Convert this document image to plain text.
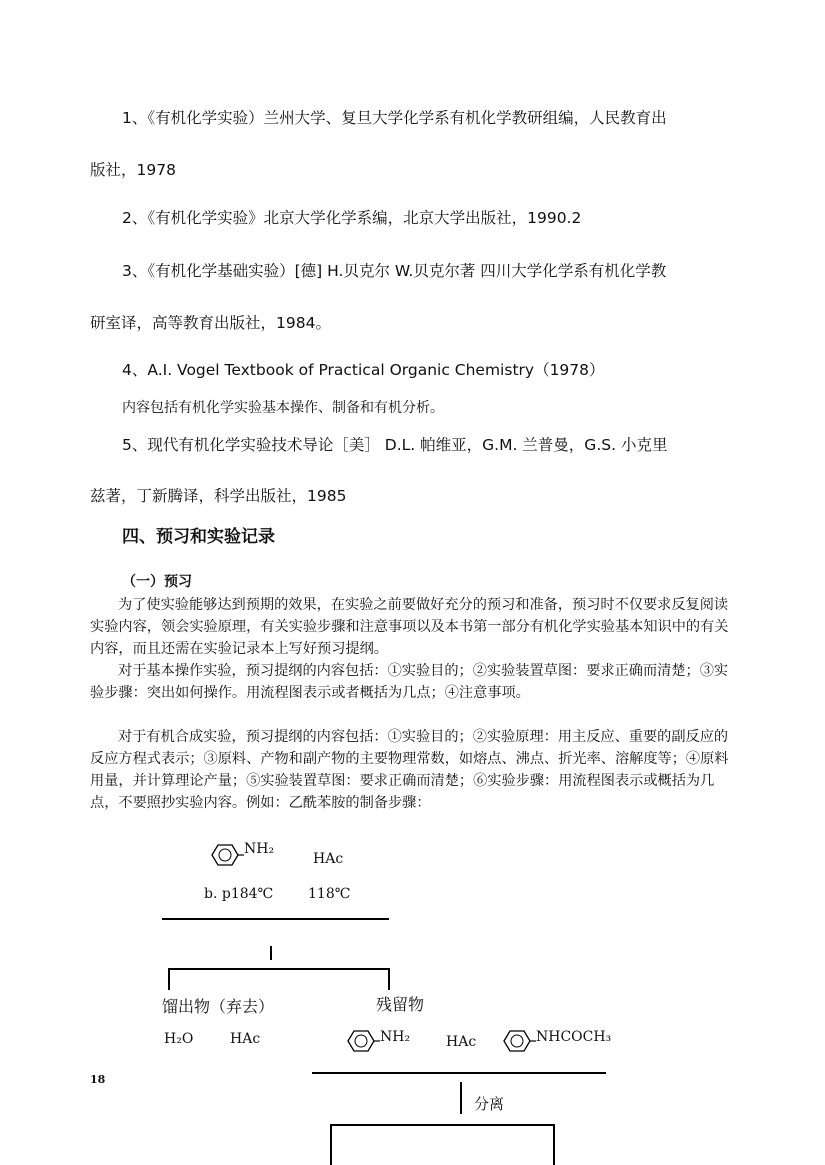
1、《有机化学实验）兰州大学、复旦大学化学系有机化学教研组编，人民教育出
版社，1978
2、《有机化学实验》北京大学化学系编，北京大学出版社，1990.2
3、《有机化学基础实验）[德] H.贝克尔 W.贝克尔著 四川大学化学系有机化学教
研室译，高等教育出版社，1984。
4、A.I. Vogel Textbook of Practical Organic Chemistry（1978）
内容包括有机化学实验基本操作、制备和有机分析。
5、现代有机化学实验技术导论［美］ D.L. 帕维亚，G.M. 兰普曼，G.S. 小克里
兹著，丁新腾译，科学出版社，1985
四、预习和实验记录
（一）预习
为了使实验能够达到预期的效果，在实验之前要做好充分的预习和准备，预习时不仅要求反复阅读实验内容，领会实验原理，有关实验步骤和注意事项以及本书第一部分有机化学实验基本知识中的有关内容，而且还需在实验记录本上写好预习提纲。
对于基本操作实验，预习提纲的内容包括：①实验目的；②实验装置草图：要求正确而清楚；③实验步骤：突出如何操作。用流程图表示或者概括为几点；④注意事项。
对于有机合成实验，预习提纲的内容包括：①实验目的；②实验原理：用主反应、重要的副反应的反应方程式表示；③原料、产物和副产物的主要物理常数，如熔点、沸点、折光率、溶解度等；④原料用量，并计算理论产量；⑤实验装置草图：要求正确而清楚；⑥实验步骤：用流程图表示或概括为几点，不要照抄实验内容。例如：乙酰苯胺的制备步骤：
NH₂
HAc
b. p184℃ 118℃
馏出物（弃去）	残留物
H₂O	HAc	NH₂	HAc	NHCOCH₃
18
分离
